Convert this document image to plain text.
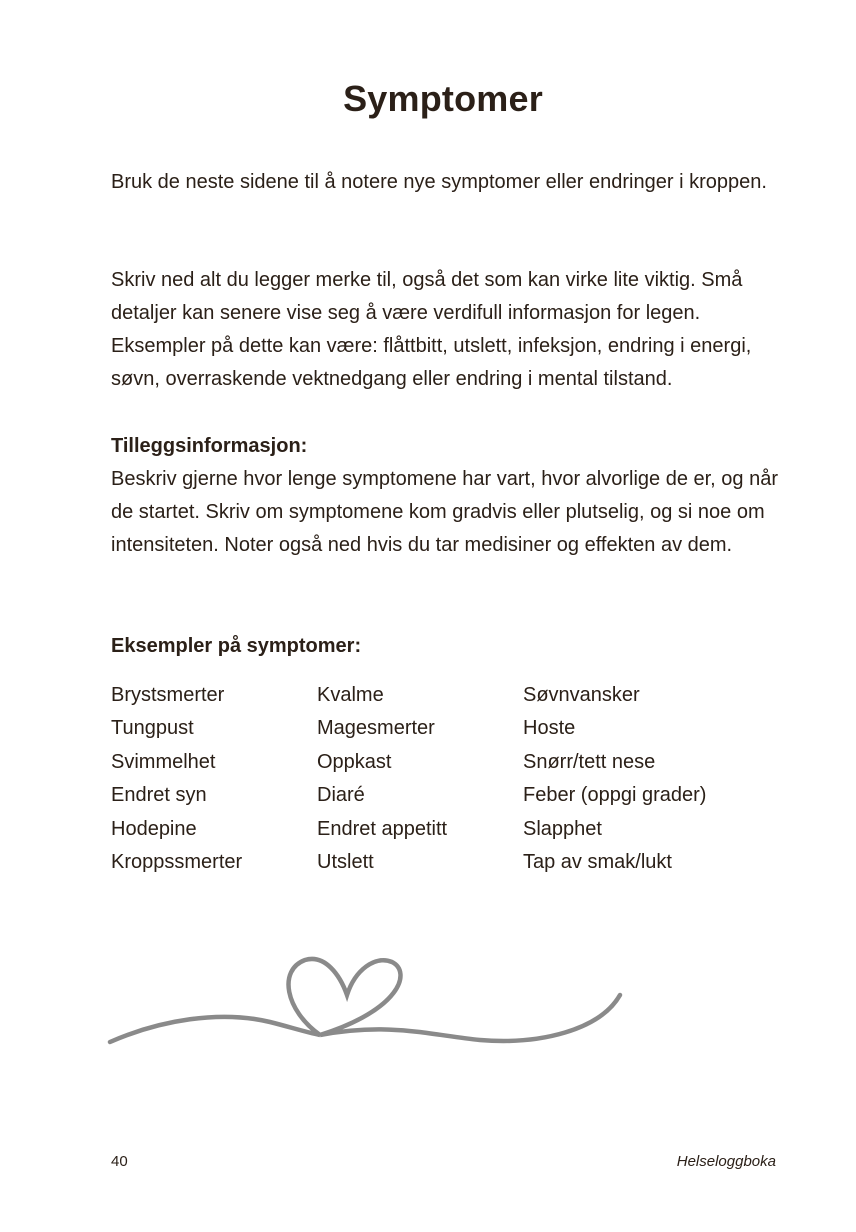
Symptomer

Bruk de neste sidene til å notere nye symptomer eller endringer i kroppen.

Skriv ned alt du legger merke til, også det som kan virke lite viktig. Små detaljer kan senere vise seg å være verdifull informasjon for legen. Eksempler på dette kan være: flåttbitt, utslett, infeksjon, endring i energi, søvn, overraskende vektnedgang eller endring i mental tilstand.

Tilleggsinformasjon:

Beskriv gjerne hvor lenge symptomene har vart, hvor alvorlige de er, og når de startet. Skriv om symptomene kom gradvis eller plutselig, og si noe om intensiteten. Noter også ned hvis du tar medisiner og effekten av dem.

Eksempler på symptomer:

Brystsmerter
Tungpust
Svimmelhet
Endret syn
Hodepine
Kroppssmerter
Kvalme
Magesmerter
Oppkast
Diaré
Endret appetitt
Utslett
Søvnvansker
Hoste
Snørr/tett nese
Feber (oppgi grader)
Slapphet
Tap av smak/lukt
40	Helseloggboka
